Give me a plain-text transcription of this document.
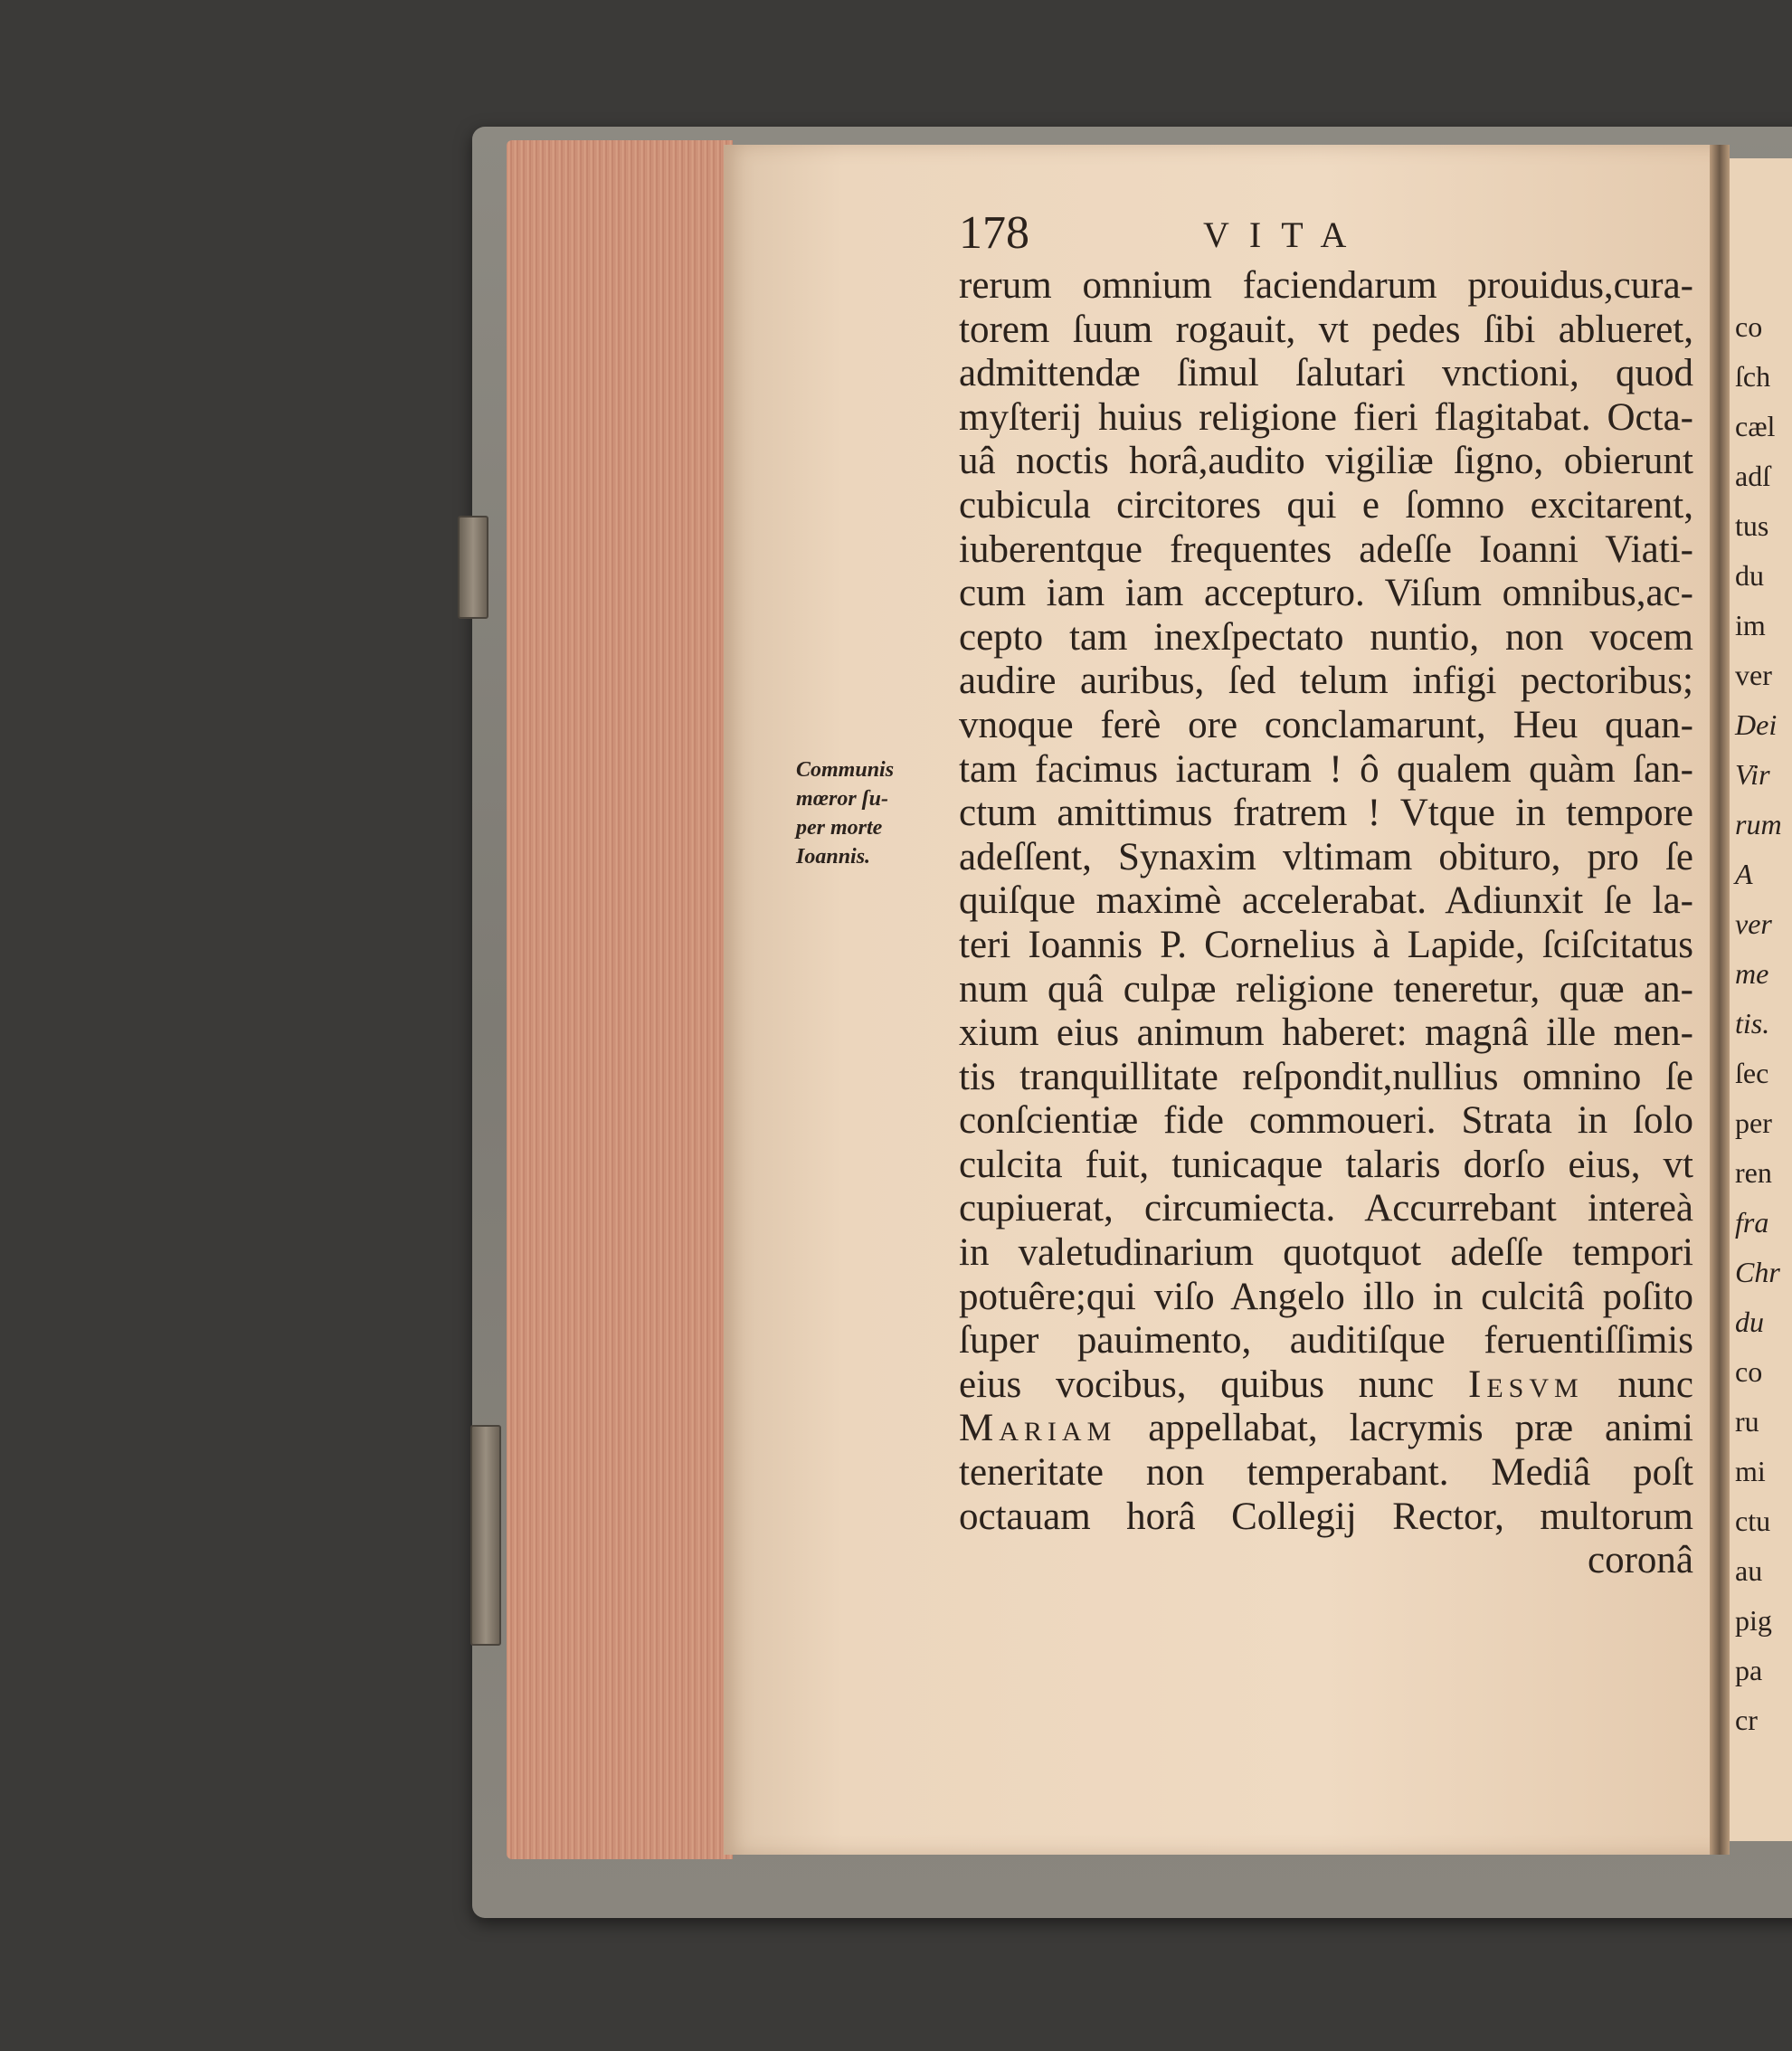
178	VITA
Communis
mœror ſu-
per morte
Ioannis.
rerum omnium faciendarum prouidus,cura-
torem ſuum rogauit, vt pedes ſibi ablueret,
admittendæ ſimul ſalutari vnctioni, quod
myſterij huius religione fieri flagitabat. Octa-
uâ noctis horâ,audito vigiliæ ſigno, obierunt
cubicula circitores qui e ſomno excitarent,
iuberentque frequentes adeſſe Ioanni Viati-
cum iam iam accepturo. Viſum omnibus,ac-
cepto tam inexſpectato nuntio, non vocem
audire auribus, ſed telum infigi pectoribus;
vnoque ferè ore conclamarunt, Heu quan-
tam facimus iacturam ! ô qualem quàm ſan-
ctum amittimus fratrem ! Vtque in tempore
adeſſent, Synaxim vltimam obituro, pro ſe
quiſque maximè accelerabat. Adiunxit ſe la-
teri Ioannis P. Cornelius à Lapide, ſciſcitatus
num quâ culpæ religione teneretur, quæ an-
xium eius animum haberet: magnâ ille men-
tis tranquillitate reſpondit,nullius omnino ſe
conſcientiæ fide commoueri. Strata in ſolo
culcita fuit, tunicaque talaris dorſo eius, vt
cupiuerat, circumiecta. Accurrebant intereà
in valetudinarium quotquot adeſſe tempori
potuêre;qui viſo Angelo illo in culcitâ poſito
ſuper pauimento, auditiſque feruentiſſimis
eius vocibus, quibus nunc Iesvm nunc
Mariam appellabat, lacrymis præ animi
teneritate non temperabant. Mediâ poſt
octauam horâ Collegij Rector, multorum
coronâ
co
ſch
cæl
adſ
tus
du
im
ver
Dei
Vir
rum
A
ver
me
tis.
ſec
per
ren
fra
Chr
du
co
ru
mi
ctu
au
pig
pa
cr
